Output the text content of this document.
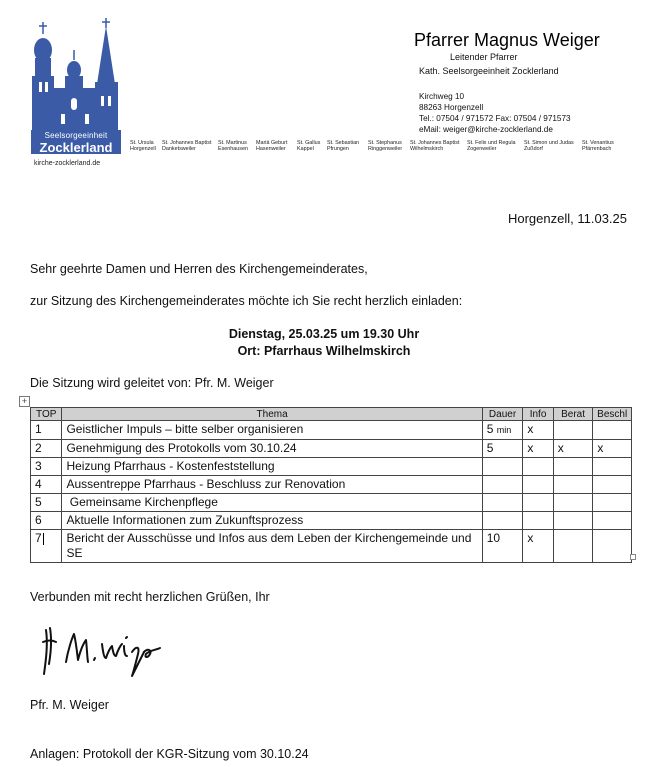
Seelsorgeeinheit
Zocklerland
kirche-zocklerland.de
Pfarrer Magnus Weiger
Leitender Pfarrer
Kath. Seelsorgeeinheit Zocklerland
Kirchweg 10
88263 Horgenzell
Tel.: 07504 / 971572 Fax: 07504 / 971573
eMail: weiger@kirche-zocklerland.de
St. Ursula
Horgenzell
St. Johannes Baptist
Danketsweiler
St. Martinus
Esenhausen
Mariä Geburt
Hasenweiler
St. Gallus
Kappel
St. Sebastian
Pfrungen
St. Stephanus
Ringgenweiler
St. Johannes Baptist
Wilhelmskirch
St. Felix und Regula
Zogenweiler
St. Simon und Judas
Zußdorf
St. Venantius
Pfärrenbach
Horgenzell, 11.03.25
Sehr geehrte Damen und Herren des Kirchengemeinderates,
zur Sitzung des Kirchengemeinderates möchte ich Sie recht herzlich einladen:
Dienstag, 25.03.25 um 19.30 Uhr
Ort: Pfarrhaus Wilhelmskirch
Die Sitzung wird geleitet von: Pfr. M. Weiger
+
TOP	Thema	Dauer	Info	Berat	Beschl
1	Geistlicher Impuls – bitte selber organisieren	5 min	x		
2	Genehmigung des Protokolls vom 30.10.24	5	x	x	x
3	Heizung Pfarrhaus - Kostenfeststellung				
4	Aussentreppe Pfarrhaus - Beschluss zur Renovation				
5	Gemeinsame Kirchenpflege				
6	Aktuelle Informationen zum Zukunftsprozess				
7	Bericht der Ausschüsse und Infos aus dem Leben der Kirchengemeinde und SE	10	x		
Verbunden mit recht herzlichen Grüßen, Ihr
Pfr. M. Weiger
Anlagen: Protokoll der KGR-Sitzung vom 30.10.24
